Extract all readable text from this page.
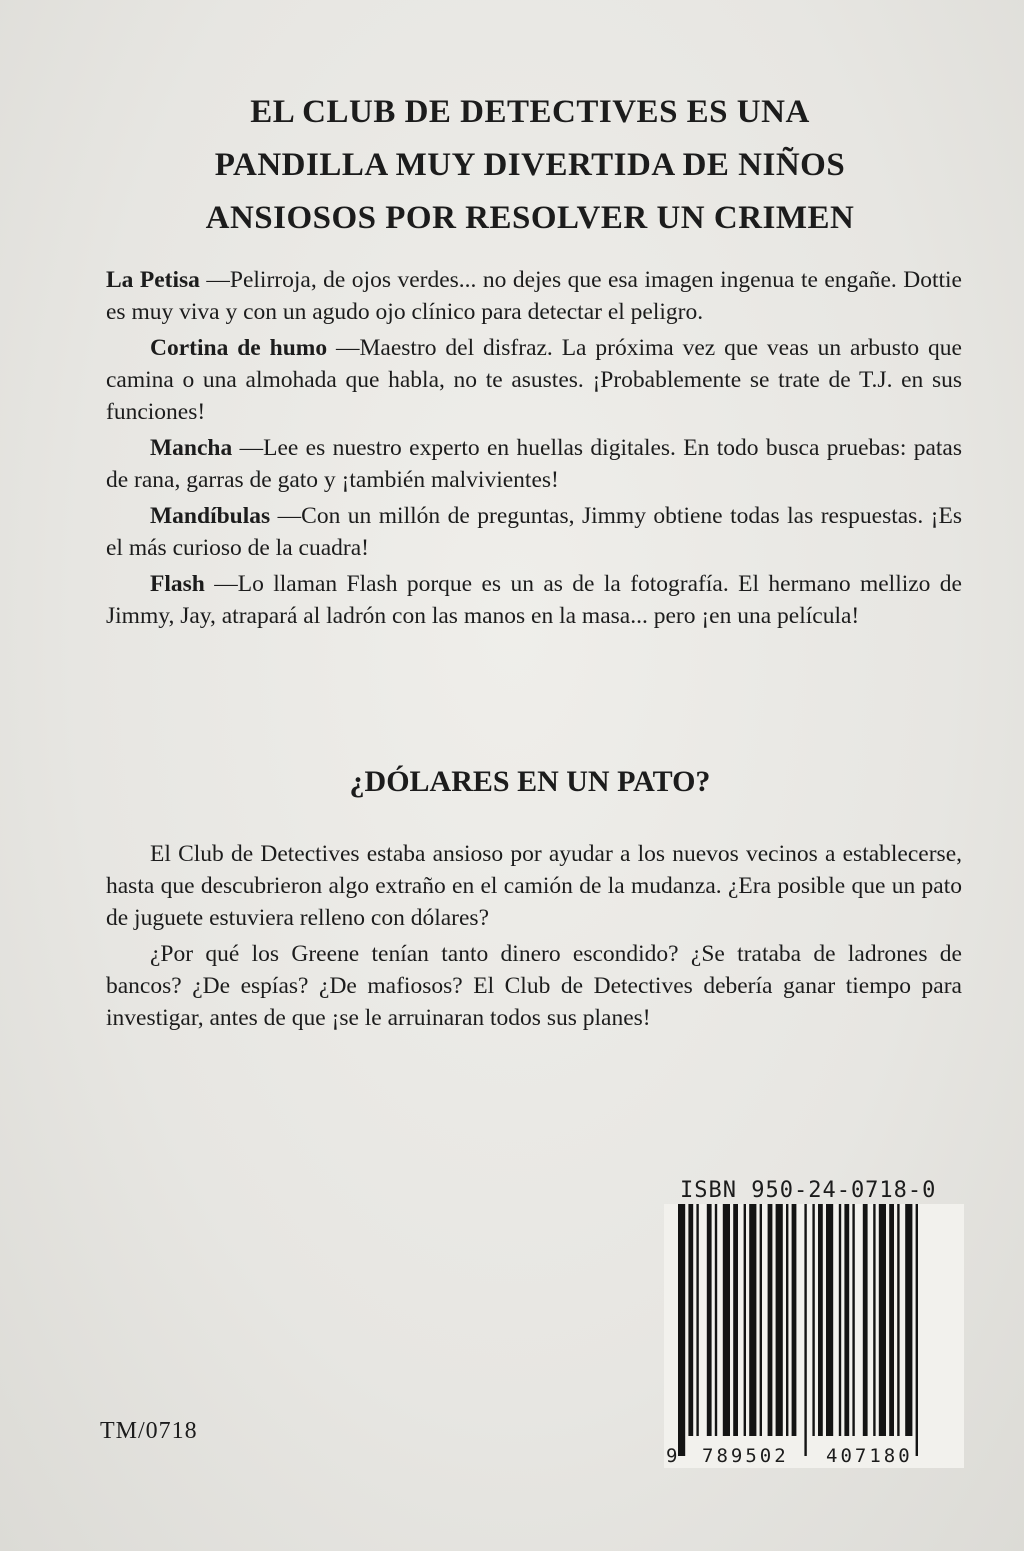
EL CLUB DE DETECTIVES ES UNA
PANDILLA MUY DIVERTIDA DE NIÑOS
ANSIOSOS POR RESOLVER UN CRIMEN

La Petisa —Pelirroja, de ojos verdes... no dejes que esa imagen ingenua te engañe. Dottie es muy viva y con un agudo ojo clínico para detectar el peligro.

Cortina de humo —Maestro del disfraz. La próxima vez que veas un arbusto que camina o una almohada que habla, no te asustes. ¡Probablemente se trate de T.J. en sus funciones!

Mancha —Lee es nuestro experto en huellas digitales. En todo busca pruebas: patas de rana, garras de gato y ¡también malvivientes!

Mandíbulas —Con un millón de preguntas, Jimmy obtiene todas las respuestas. ¡Es el más curioso de la cuadra!

Flash —Lo llaman Flash porque es un as de la fotografía. El hermano mellizo de Jimmy, Jay, atrapará al ladrón con las manos en la masa... pero ¡en una película!

¿DÓLARES EN UN PATO?

El Club de Detectives estaba ansioso por ayudar a los nuevos vecinos a establecerse, hasta que descubrieron algo extraño en el camión de la mudanza. ¿Era posible que un pato de juguete estuviera relleno con dólares?

¿Por qué los Greene tenían tanto dinero escondido? ¿Se trataba de ladrones de bancos? ¿De espías? ¿De mafiosos? El Club de Detectives debería ganar tiempo para investigar, antes de que ¡se le arruinaran todos sus planes!

ISBN 950-24-0718-0
9 789502 407180
TM/0718
